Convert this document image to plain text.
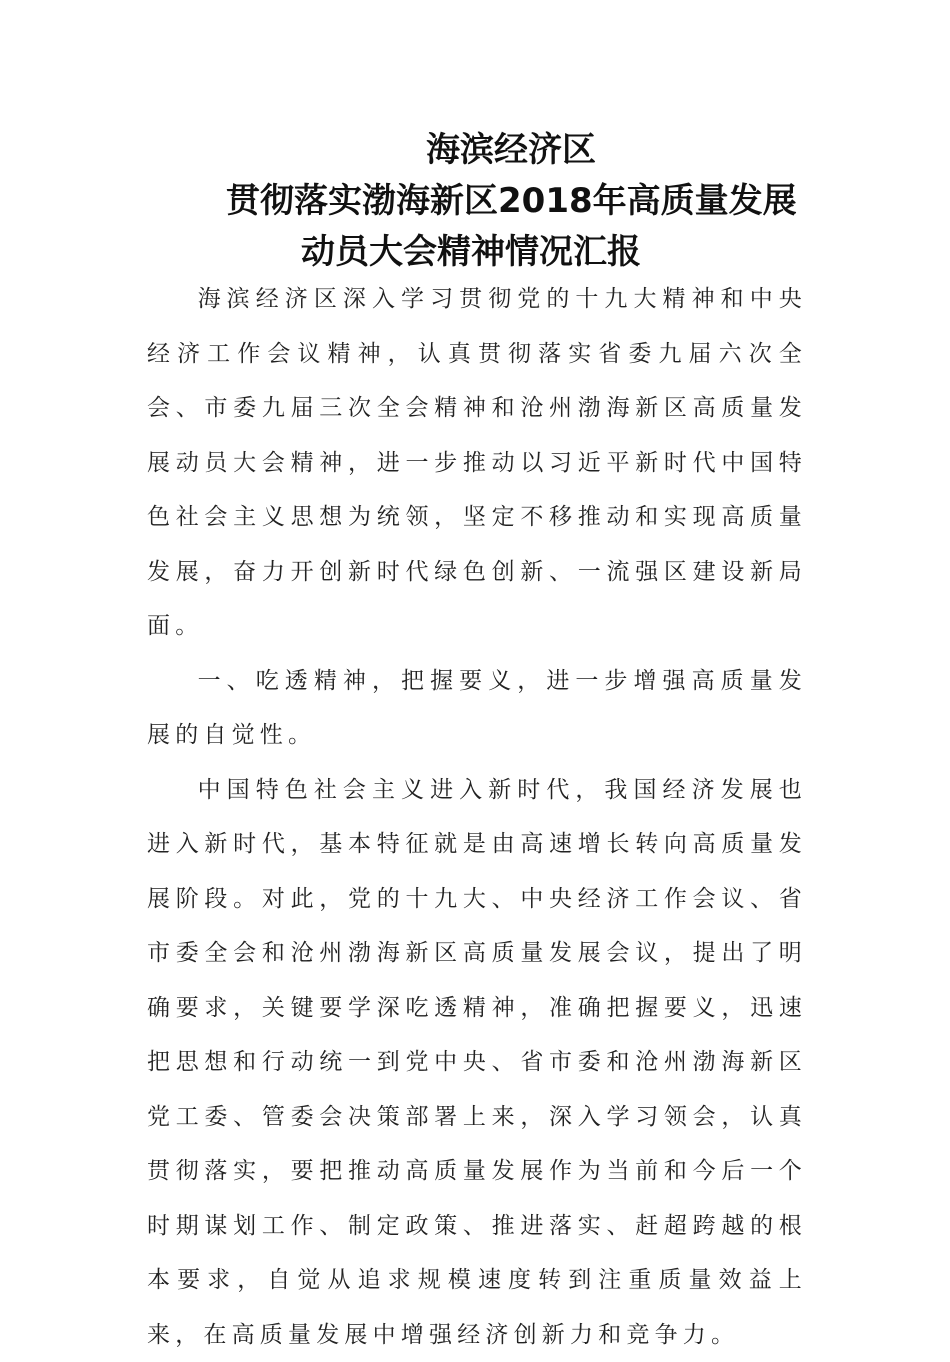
海滨经济区
贯彻落实渤海新区2018年高质量发展
动员大会精神情况汇报

海滨经济区深入学习贯彻党的十九大精神和中央经济工作会议精神，认真贯彻落实省委九届六次全会、市委九届三次全会精神和沧州渤海新区高质量发展动员大会精神，进一步推动以习近平新时代中国特色社会主义思想为统领，坚定不移推动和实现高质量发展，奋力开创新时代绿色创新、一流强区建设新局面。

一、吃透精神，把握要义，进一步增强高质量发展的自觉性。

中国特色社会主义进入新时代，我国经济发展也进入新时代，基本特征就是由高速增长转向高质量发展阶段。对此，党的十九大、中央经济工作会议、省市委全会和沧州渤海新区高质量发展会议，提出了明确要求，关键要学深吃透精神，准确把握要义，迅速把思想和行动统一到党中央、省市委和沧州渤海新区党工委、管委会决策部署上来，深入学习领会，认真贯彻落实，要把推动高质量发展作为当前和今后一个时期谋划工作、制定政策、推进落实、赶超跨越的根本要求，自觉从追求规模速度转到注重质量效益上来，在高质量发展中增强经济创新力和竞争力。
